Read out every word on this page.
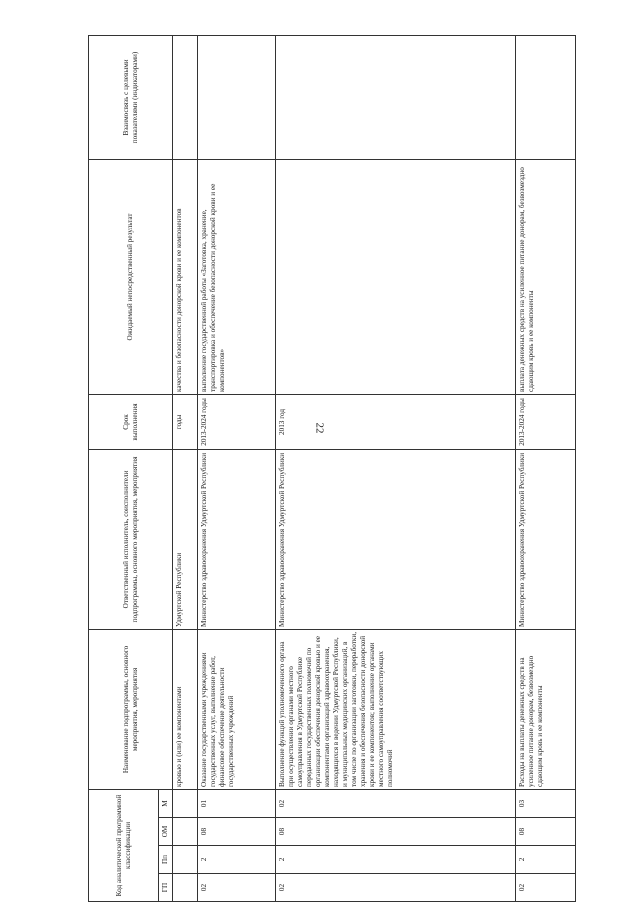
22
Код аналитической программной классификации				Наименование подпрограммы, основного мероприятия, мероприятия	Ответственный исполнитель, соисполнители подпрограммы, основного мероприятия, мероприятия	Срок выполнения	Ожидаемый непосредственный результат	Взаимосвязь с целевыми показателями (индикаторами)
ГП	Пп	ОМ	М					
				кровью и (или) ее компонентами	Удмуртской Республики	годы	качества и безопасности донорской крови и ее компонентов	
02	2	08	01	Оказание государственными учреждениями государственных услуг, выполнение работ, финансовое обеспечение деятельности государственных учреждений	Министерство здравоохранения Удмуртской Республики	2013-2024 годы	выполнение государственной работы «Заготовка, хранение, транспортировка и обеспечение безопасности донорской крови и ее компонентов»	
02	2	08	02	Выполнение функций уполномоченного органа при осуществлении органами местного самоуправления в Удмуртской Республике переданных государственных полномочий по организации обеспечения донорской кровью и ее компонентами организаций здравоохранения, находящихся в ведении Удмуртской Республики, и муниципальных медицинских организаций, в том числе по организации заготовки, переработки, хранения и обеспечения безопасности донорской крови и ее компонентов; выполнение органами местного самоуправления соответствующих полномочий	Министерство здравоохранения Удмуртской Республики	2013 год		
02	2	08	03	Расходы на выплаты денежных средств на усиленное питание донорам, безвозмездно сдающим кровь и ее компоненты	Министерство здравоохранения Удмуртской Республики	2013-2024 годы	выплата денежных средств на усиленное питание донорам, безвозмездно сдающим кровь и ее компоненты	
